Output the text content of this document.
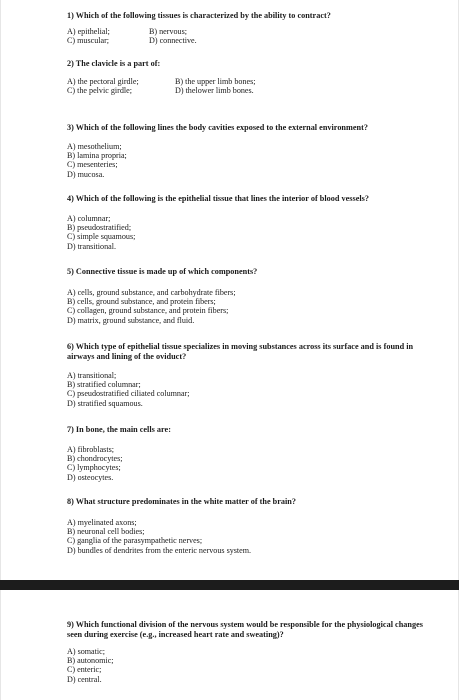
1) Which of the following tissues is characterized by the ability to contract?
A) epithelial;	B) nervous;
C) muscular;	D) connective.
2) The clavicle is a part of:
A) the pectoral girdle;	B) the upper limb bones;
C) the pelvic girdle;	D) thelower limb bones.
3) Which of the following lines the body cavities exposed to the external environment?
A) mesothelium;
B) lamina propria;
C) mesenteries;
D) mucosa.
4) Which of the following is the epithelial tissue that lines the interior of blood vessels?
A) columnar;
B) pseudostratified;
C) simple squamous;
D) transitional.
5) Connective tissue is made up of which components?
A) cells, ground substance, and carbohydrate fibers;
B) cells, ground substance, and protein fibers;
C) collagen, ground substance, and protein fibers;
D) matrix, ground substance, and fluid.
6) Which type of epithelial tissue specializes in moving substances across its surface and is found in airways and lining of the oviduct?
A) transitional;
B) stratified columnar;
C) pseudostratified ciliated columnar;
D) stratified squamous.
7) In bone, the main cells are:
A) fibroblasts;
B) chondrocytes;
C) lymphocytes;
D) osteocytes.
8) What structure predominates in the white matter of the brain?
A) myelinated axons;
B) neuronal cell bodies;
C) ganglia of the parasympathetic nerves;
D) bundles of dendrites from the enteric nervous system.
9) Which functional division of the nervous system would be responsible for the physiological changes seen during exercise (e.g., increased heart rate and sweating)?
A) somatic;
B) autonomic;
C) enteric;
D) central.
